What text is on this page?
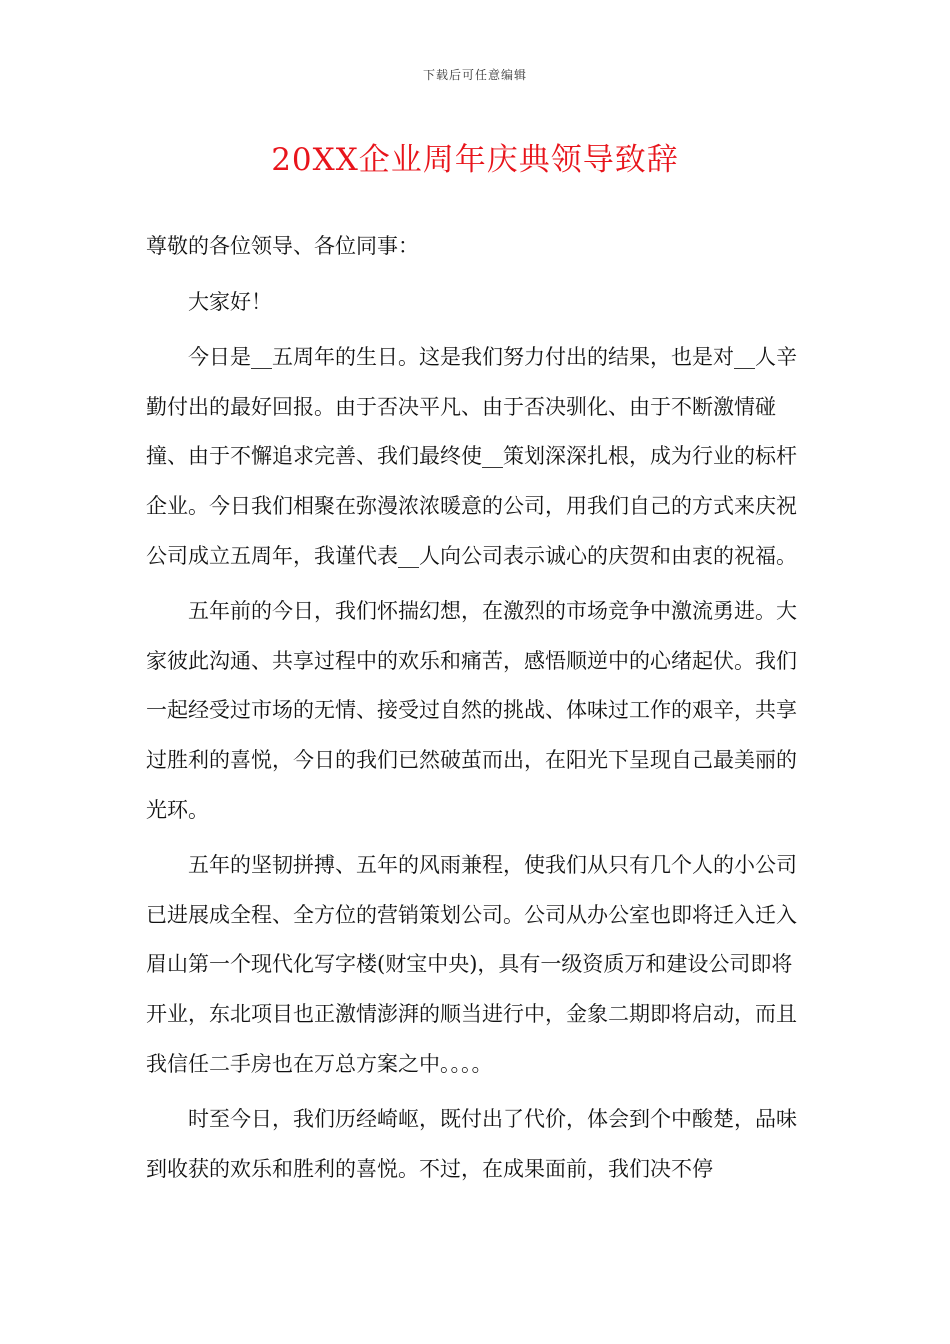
下载后可任意编辑
20XX企业周年庆典领导致辞

尊敬的各位领导、各位同事：

大家好！

今日是__五周年的生日。这是我们努力付出的结果，也是对__人辛勤付出的最好回报。由于否决平凡、由于否决驯化、由于不断激情碰撞、由于不懈追求完善、我们最终使__策划深深扎根，成为行业的标杆企业。今日我们相聚在弥漫浓浓暖意的公司，用我们自己的方式来庆祝公司成立五周年，我谨代表__人向公司表示诚心的庆贺和由衷的祝福。

五年前的今日，我们怀揣幻想，在激烈的市场竞争中激流勇进。大家彼此沟通、共享过程中的欢乐和痛苦，感悟顺逆中的心绪起伏。我们一起经受过市场的无情、接受过自然的挑战、体味过工作的艰辛，共享过胜利的喜悦，今日的我们已然破茧而出，在阳光下呈现自己最美丽的光环。

五年的坚韧拼搏、五年的风雨兼程，使我们从只有几个人的小公司已进展成全程、全方位的营销策划公司。公司从办公室也即将迁入迁入眉山第一个现代化写字楼(财宝中央)，具有一级资质万和建设公司即将开业，东北项目也正激情澎湃的顺当进行中，金象二期即将启动，而且我信任二手房也在万总方案之中。。。。

时至今日，我们历经崎岖，既付出了代价，体会到个中酸楚，品味到收获的欢乐和胜利的喜悦。不过，在成果面前，我们决不停
